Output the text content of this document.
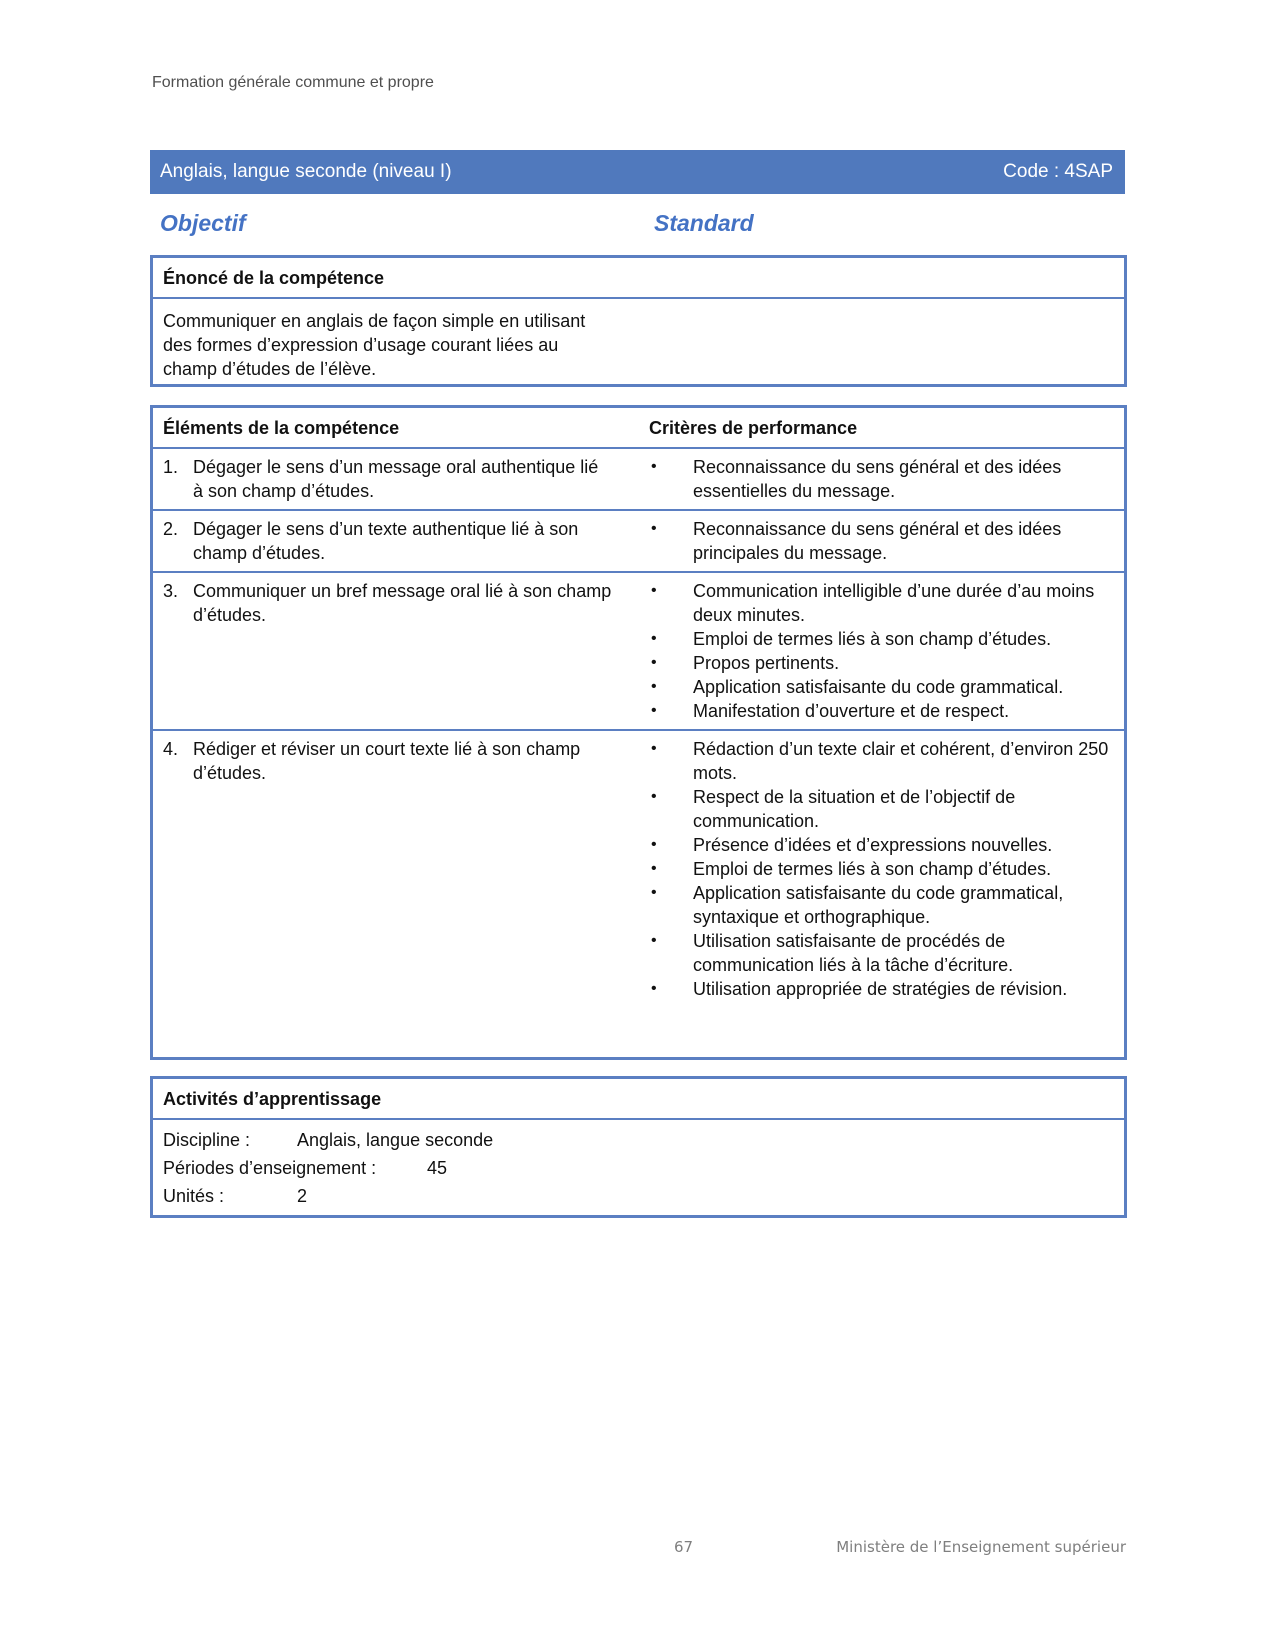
Formation générale commune et propre
Anglais, langue seconde (niveau I)	Code : 4SAP
Objectif	Standard
Énoncé de la compétence
Communiquer en anglais de façon simple en utilisant des formes d’expression d’usage courant liées au champ d’études de l’élève.
Éléments de la compétence	Critères de performance
1. Dégager le sens d’un message oral authentique lié à son champ d’études.
•	Reconnaissance du sens général et des idées essentielles du message.
2. Dégager le sens d’un texte authentique lié à son champ d’études.
•	Reconnaissance du sens général et des idées principales du message.
3. Communiquer un bref message oral lié à son champ d’études.
•	Communication intelligible d’une durée d’au moins deux minutes.
•	Emploi de termes liés à son champ d’études.
•	Propos pertinents.
•	Application satisfaisante du code grammatical.
•	Manifestation d’ouverture et de respect.
4. Rédiger et réviser un court texte lié à son champ d’études.
•	Rédaction d’un texte clair et cohérent, d’environ 250 mots.
•	Respect de la situation et de l’objectif de communication.
•	Présence d’idées et d’expressions nouvelles.
•	Emploi de termes liés à son champ d’études.
•	Application satisfaisante du code grammatical, syntaxique et orthographique.
•	Utilisation satisfaisante de procédés de communication liés à la tâche d’écriture.
•	Utilisation appropriée de stratégies de révision.
Activités d’apprentissage
Discipline :	Anglais, langue seconde
Périodes d’enseignement :	45
Unités :	2
67	Ministère de l’Enseignement supérieur
